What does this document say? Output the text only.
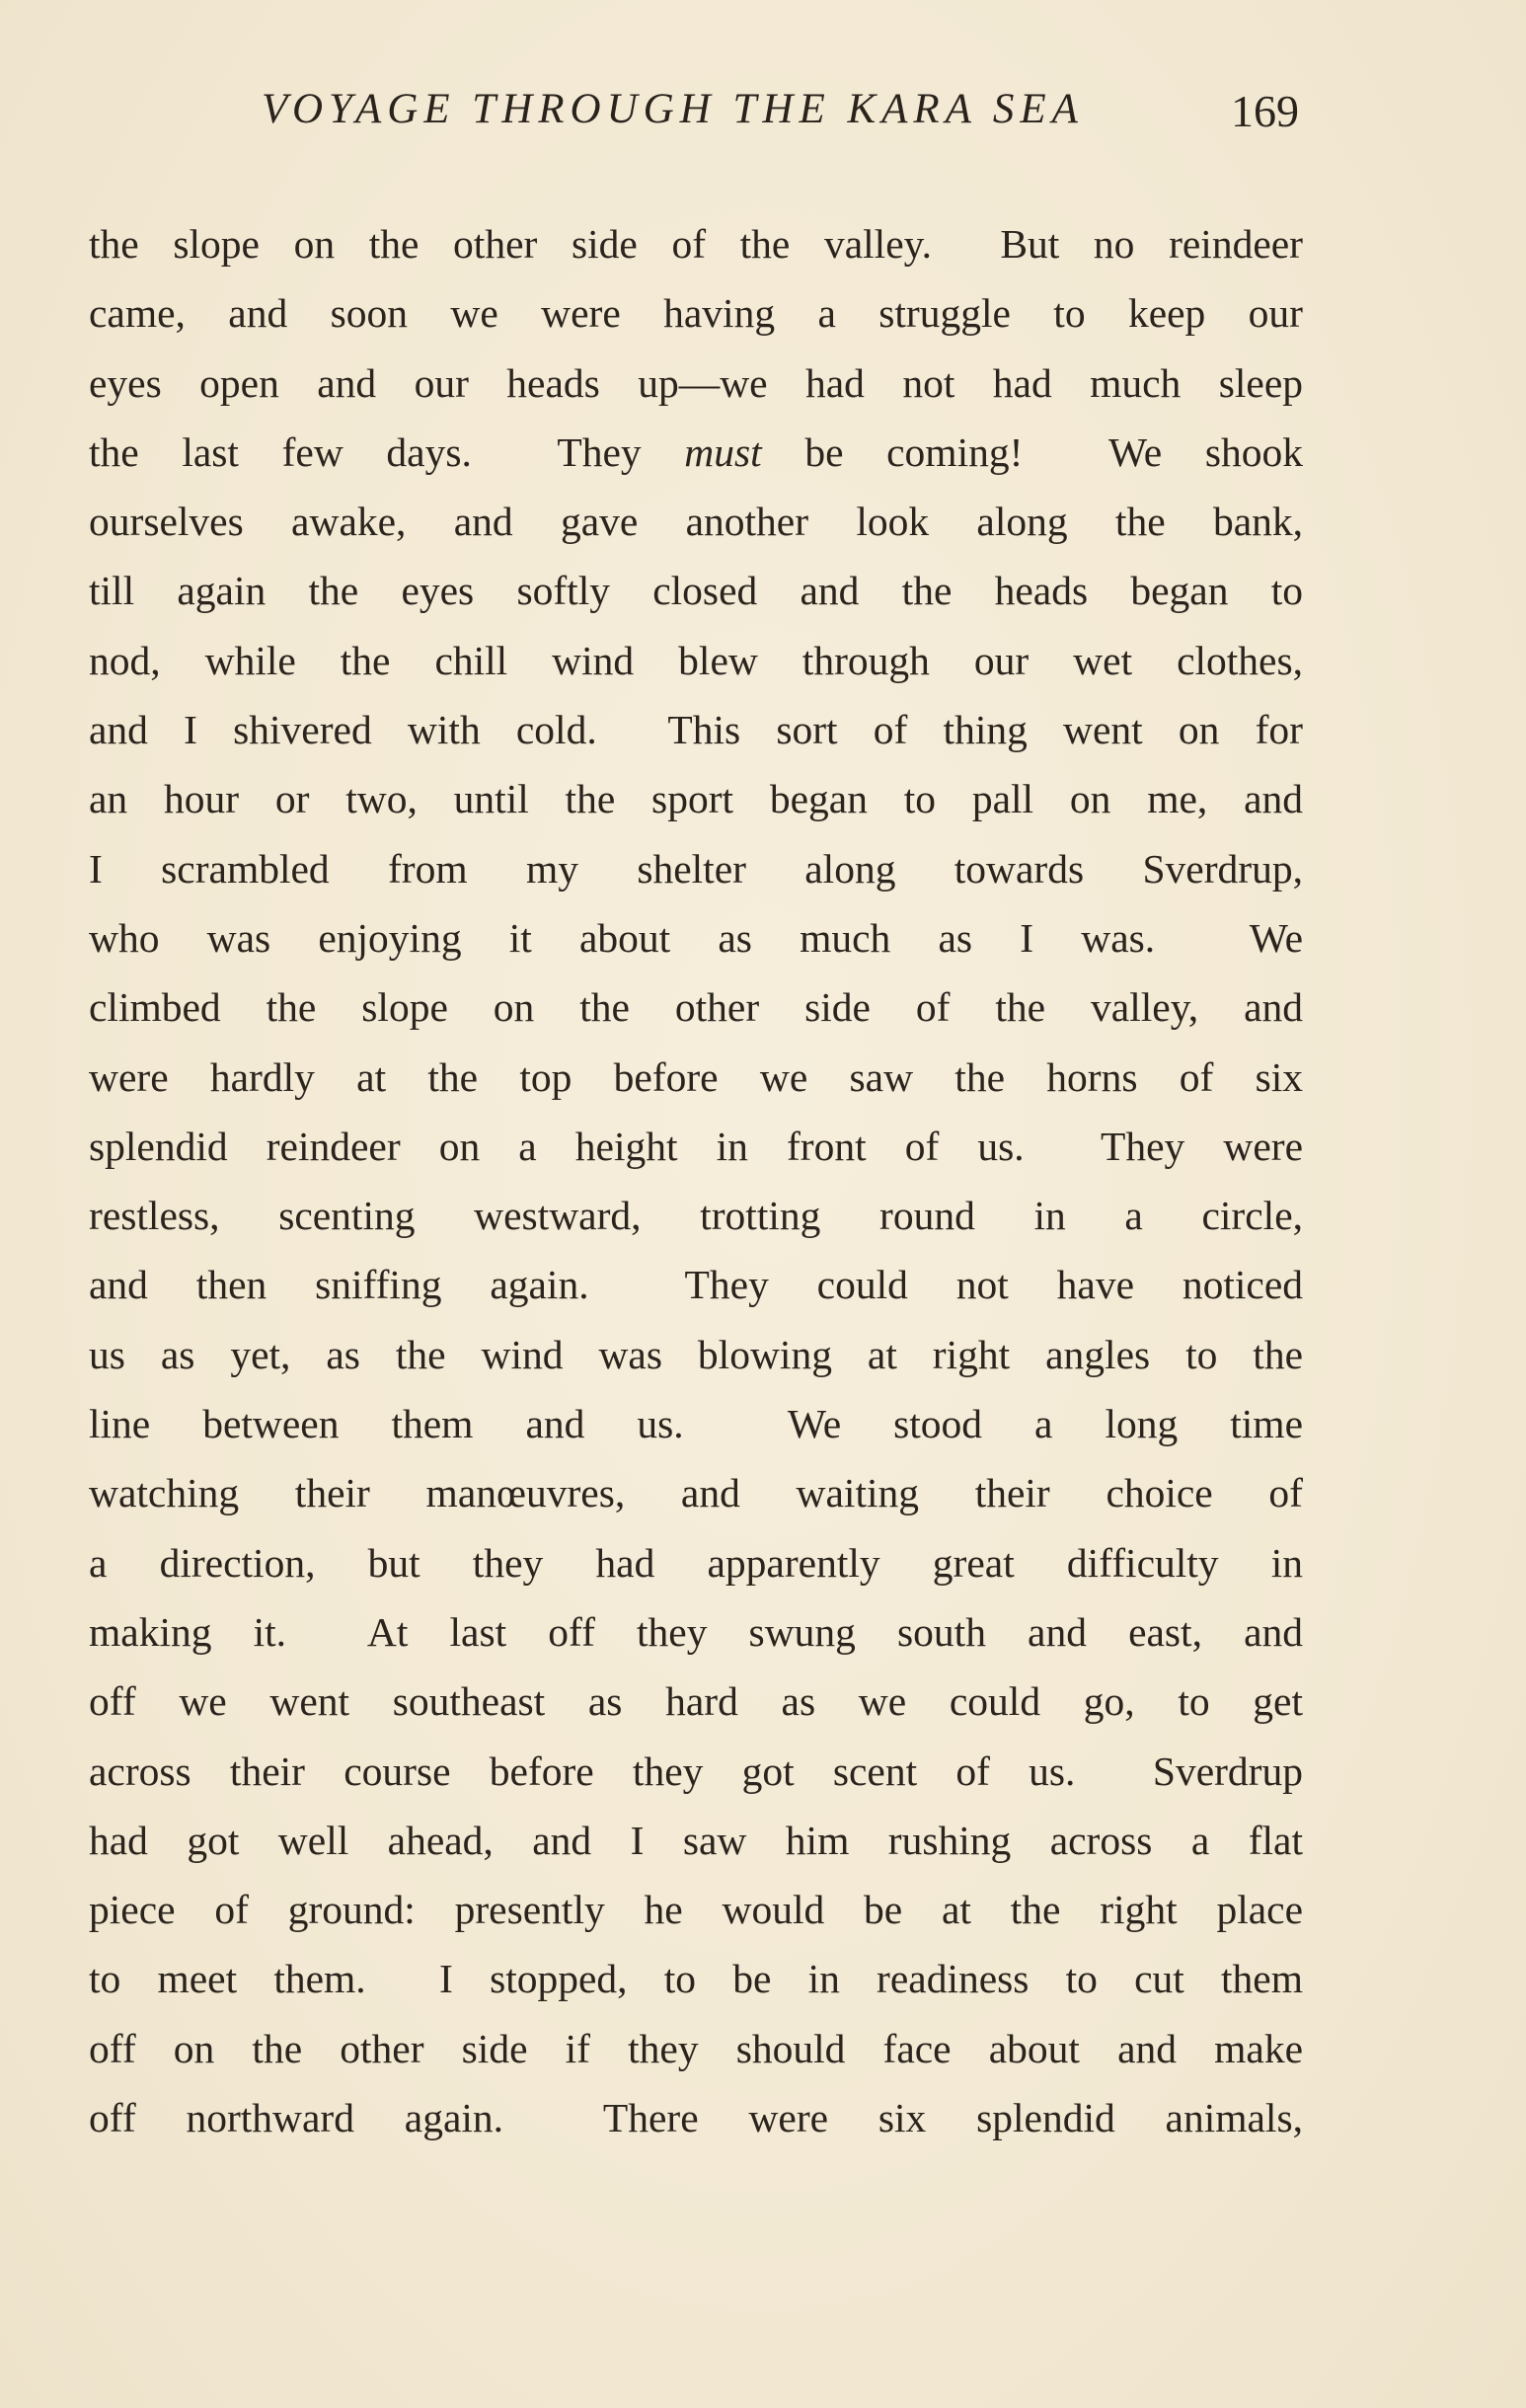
VOYAGE THROUGH THE KARA SEA	169
the slope on the other side of the valley.  But no reindeer
came, and soon we were having a struggle to keep our
eyes open and our heads up—we had not had much sleep
the last few days.  They must be coming!  We shook
ourselves awake, and gave another look along the bank,
till again the eyes softly closed and the heads began to
nod, while the chill wind blew through our wet clothes,
and I shivered with cold.  This sort of thing went on for
an hour or two, until the sport began to pall on me, and
I scrambled from my shelter along towards Sverdrup,
who was enjoying it about as much as I was.  We
climbed the slope on the other side of the valley, and
were hardly at the top before we saw the horns of six
splendid reindeer on a height in front of us.  They were
restless, scenting westward, trotting round in a circle,
and then sniffing again.  They could not have noticed
us as yet, as the wind was blowing at right angles to the
line between them and us.  We stood a long time
watching their manœuvres, and waiting their choice of
a direction, but they had apparently great difficulty in
making it.  At last off they swung south and east, and
off we went southeast as hard as we could go, to get
across their course before they got scent of us.  Sverdrup
had got well ahead, and I saw him rushing across a flat
piece of ground: presently he would be at the right place
to meet them.  I stopped, to be in readiness to cut them
off on the other side if they should face about and make
off northward again.  There were six splendid animals,
